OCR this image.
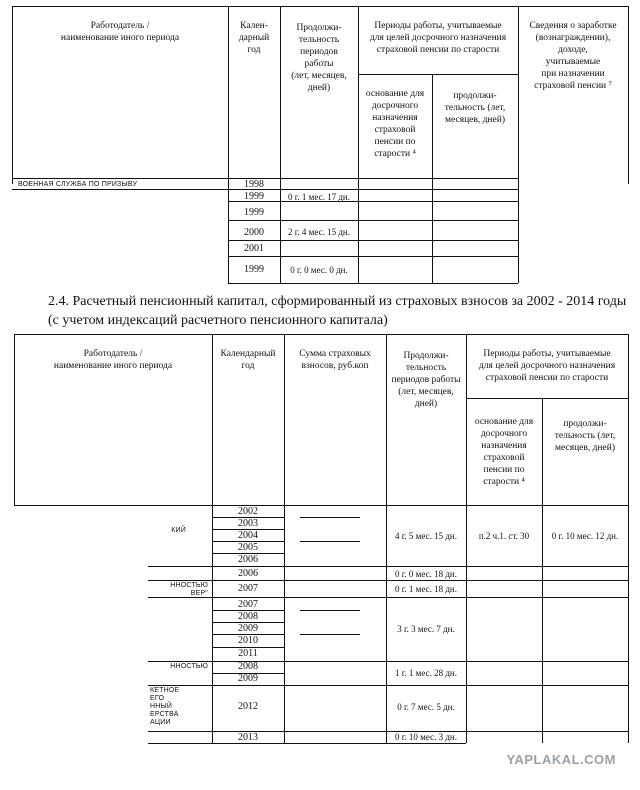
Работодатель /
наименование иного периода
Кален-
дарный
год
Продолжи-
тельность
периодов
работы
(лет, месяцев,
дней)
Периоды работы, учитываемые
для целей досрочного назначения
страховой пенсии по старости
основание для
досрочного
назначения
страховой
пенсии по
старости ⁴
продолжи-
тельность (лет,
месяцев, дней)
Сведения о заработке
(вознаграждении),
доходе,
учитываемые
при назначении
страховой пенсии ⁷
ВОЕННАЯ СЛУЖБА ПО ПРИЗЫВУ	1998
1999
1999
2000
2001
1999
0 г. 1 мес. 17 дн.
2 г. 4 мес. 15 дн.
0 г. 0 мес. 0 дн.
2.4. Расчетный пенсионный капитал, сформированный из страховых взносов за 2002 - 2014 годы (с учетом индексаций расчетного пенсионного капитала)
Работодатель /
наименование иного периода
Календарный
год
Сумма страховых
взносов, руб.коп
Продолжи-
тельность
периодов работы
(лет, месяцев,
дней)
Периоды работы, учитываемые
для целей досрочного назначения
страховой пенсии по старости
основание для
досрочного
назначения
страховой
пенсии по
старости ⁴
продолжи-
тельность (лет,
месяцев, дней)
КИЙ
ННОСТЬЮ
ВЕР"
ННОСТЬЮ
КЕТНОЕ
ЕГО
ННЫЙ
ЕРСТВА
АЦИИ
2002
2003
2004
2005
2006
2006
2007
2007
2008
2009
2010
2011
2008
2009
2012
2013
4 г. 5 мес. 15 дн.
0 г. 0 мес. 18 дн.
0 г. 1 мес. 18 дн.
3 г. 3 мес. 7 дн.
1 г. 1 мес. 28 дн.
0 г. 7 мес. 5 дн.
0 г. 10 мес. 3 дн.
п.2 ч.1. ст. 30	0 г. 10 мес. 12 дн.
YAPLAKAL.COM
